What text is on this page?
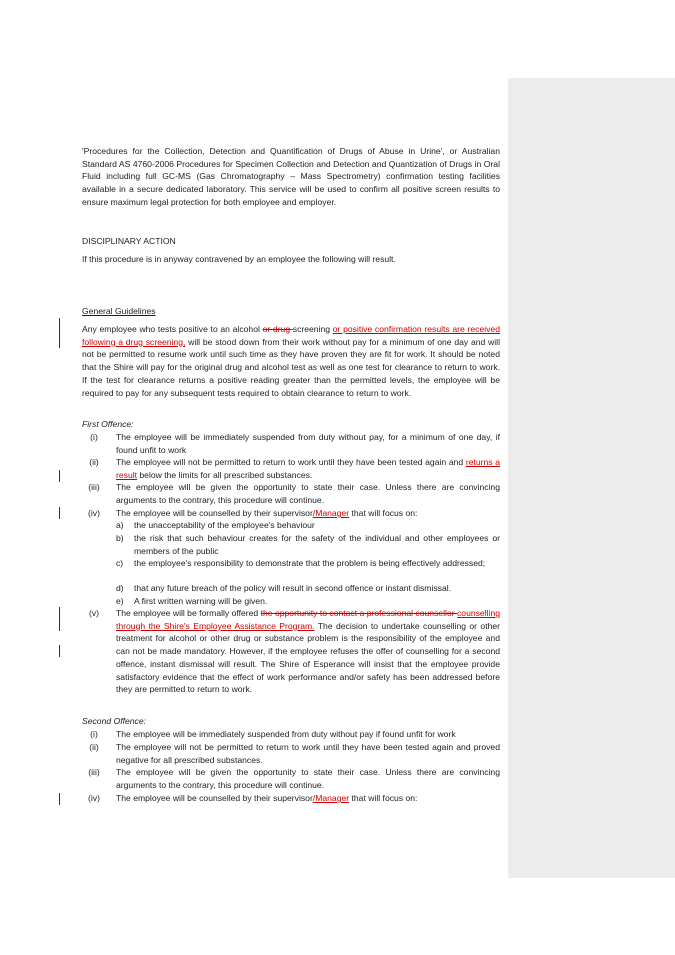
'Procedures for the Collection, Detection and Quantification of Drugs of Abuse in Urine', or Australian Standard AS 4760-2006 Procedures for Specimen Collection and Detection and Quantization of Drugs in Oral Fluid including full GC-MS (Gas Chromatography – Mass Spectrometry) confirmation testing facilities available in a secure dedicated laboratory. This service will be used to confirm all positive screen results to ensure maximum legal protection for both employee and employer.

DISCIPLINARY ACTION

If this procedure is in anyway contravened by an employee the following will result.

General Guidelines

Any employee who tests positive to an alcohol or drug screening or positive confirmation results are received following a drug screening, will be stood down from their work without pay for a minimum of one day and will not be permitted to resume work until such time as they have proven they are fit for work. It should be noted that the Shire will pay for the original drug and alcohol test as well as one test for clearance to return to work. If the test for clearance returns a positive reading greater than the permitted levels, the employee will be required to pay for any subsequent tests required to obtain clearance to return to work.

First Offence:

(i)	The employee will be immediately suspended from duty without pay, for a minimum of one day, if found unfit to work
(ii)	The employee will not be permitted to return to work until they have been tested again and returns a result below the limits for all prescribed substances.
(iii)	The employee will be given the opportunity to state their case. Unless there are convincing arguments to the contrary, this procedure will continue.
(iv)	The employee will be counselled by their supervisor/Manager that will focus on:
a)	the unacceptability of the employee's behaviour
b)	the risk that such behaviour creates for the safety of the individual and other employees or members of the public
c)	the employee's responsibility to demonstrate that the problem is being effectively addressed;
d)	that any future breach of the policy will result in second offence or instant dismissal.
e)	A first written warning will be given.
(v)	The employee will be formally offered the opportunity to contact a professional counsellor counselling through the Shire's Employee Assistance Program. The decision to undertake counselling or other treatment for alcohol or other drug or substance problem is the responsibility of the employee and can not be made mandatory. However, if the employee refuses the offer of counselling for a second offence, instant dismissal will result. The Shire of Esperance will insist that the employee provide satisfactory evidence that the effect of work performance and/or safety has been addressed before they are permitted to return to work.

Second Offence:

(i)	The employee will be immediately suspended from duty without pay if found unfit for work
(ii)	The employee will not be permitted to return to work until they have been tested again and proved negative for all prescribed substances.
(iii)	The employee will be given the opportunity to state their case. Unless there are convincing arguments to the contrary, this procedure will continue.
(iv)	The employee will be counselled by their supervisor/Manager that will focus on:
